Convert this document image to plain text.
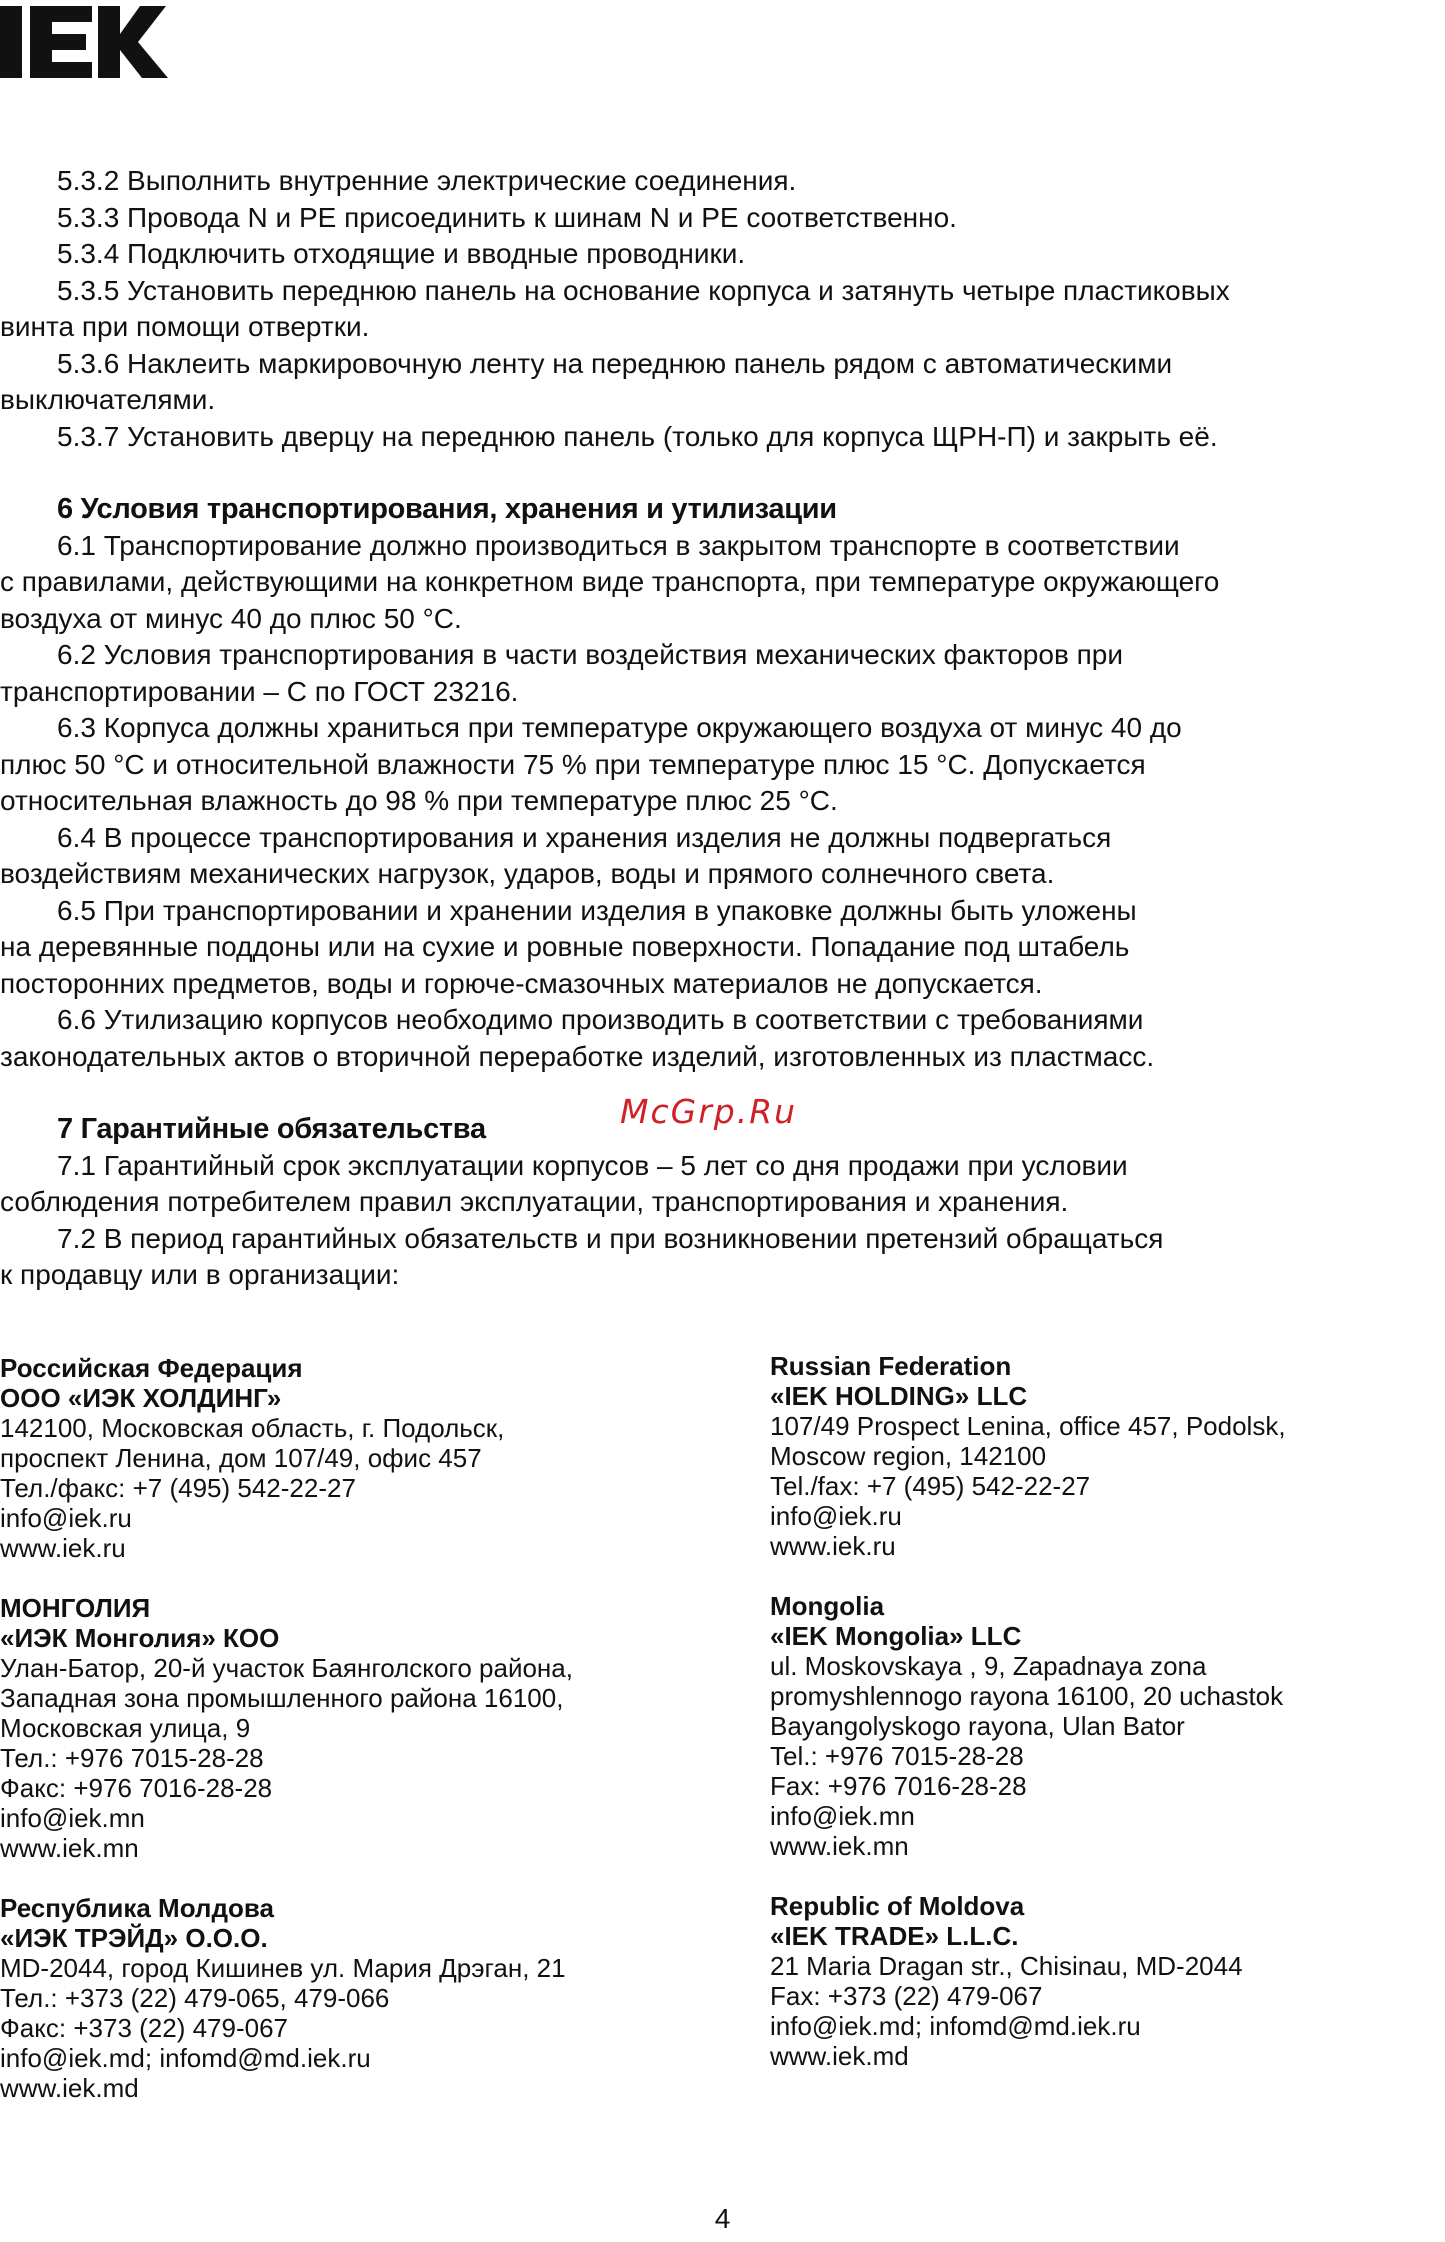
5.3.2 Выполнить внутренние электрические соединения.

5.3.3 Провода N и PE присоединить к шинам N и PE соответственно.

5.3.4 Подключить отходящие и вводные проводники.

5.3.5 Установить переднюю панель на основание корпуса и затянуть четыре пластиковых
винта при помощи отвертки.

5.3.6 Наклеить маркировочную ленту на переднюю панель рядом с автоматическими
выключателями.

5.3.7 Установить дверцу на переднюю панель (только для корпуса ЩРН-П) и закрыть её.

6 Условия транспортирования, хранения и утилизации

6.1 Транспортирование должно производиться в закрытом транспорте в соответствии
с правилами, действующими на конкретном виде транспорта, при температуре окружающего
воздуха от минус 40 до плюс 50 °C.

6.2 Условия транспортирования в части воздействия механических факторов при
транспортировании – С по ГОСТ 23216.

6.3 Корпуса должны храниться при температуре окружающего воздуха от минус 40 до
плюс 50 °C и относительной влажности 75 % при температуре плюс 15 °C. Допускается
относительная влажность до 98 % при температуре плюс 25 °C.

6.4 В процессе транспортирования и хранения изделия не должны подвергаться
воздействиям механических нагрузок, ударов, воды и прямого солнечного света.

6.5 При транспортировании и хранении изделия в упаковке должны быть уложены
на деревянные поддоны или на сухие и ровные поверхности. Попадание под штабель
посторонних предметов, воды и горюче-смазочных материалов не допускается.

6.6 Утилизацию корпусов необходимо производить в соответствии с требованиями
законодательных актов о вторичной переработке изделий, изготовленных из пластмасс.

7 Гарантийные обязательства

7.1 Гарантийный срок эксплуатации корпусов – 5 лет со дня продажи при условии
соблюдения потребителем правил эксплуатации, транспортирования и хранения.

7.2 В период гарантийных обязательств и при возникновении претензий обращаться
к продавцу или в организации:

McGrp.Ru
Российская Федерация
ООО «ИЭК ХОЛДИНГ»
142100, Московская область, г. Подольск,
проспект Ленина, дом 107/49, офис 457
Тел./факс: +7 (495) 542-22-27
info@iek.ru
www.iek.ru
МОНГОЛИЯ
«ИЭК Монголия» КОО
Улан-Батор, 20-й участок Баянголского района,
Западная зона промышленного района 16100,
Московская улица, 9
Тел.: +976 7015-28-28
Факс: +976 7016-28-28
info@iek.mn
www.iek.mn
Республика Молдова
«ИЭК ТРЭЙД» О.О.О.
MD-2044, город Кишинев ул. Мария Дрэган, 21
Тел.: +373 (22) 479-065, 479-066
Факс: +373 (22) 479-067
info@iek.md; infomd@md.iek.ru
www.iek.md
Russian Federation
«IEK HOLDING» LLC
107/49 Prospect Lenina, office 457, Podolsk,
Moscow region, 142100
Tel./fax: +7 (495) 542-22-27
info@iek.ru
www.iek.ru
Mongolia
«IEK Mongolia» LLC
ul. Moskovskaya , 9, Zapadnaya zona
promyshlennogo rayona 16100, 20 uchastok
Bayangolyskogo rayona, Ulan Bator
Tel.: +976 7015-28-28
Fax: +976 7016-28-28
info@iek.mn
www.iek.mn
Republic of Moldova
«IEK TRADE» L.L.C.
21 Maria Dragan str., Chisinau, MD-2044
Fax: +373 (22) 479-067
info@iek.md; infomd@md.iek.ru
www.iek.md
4
